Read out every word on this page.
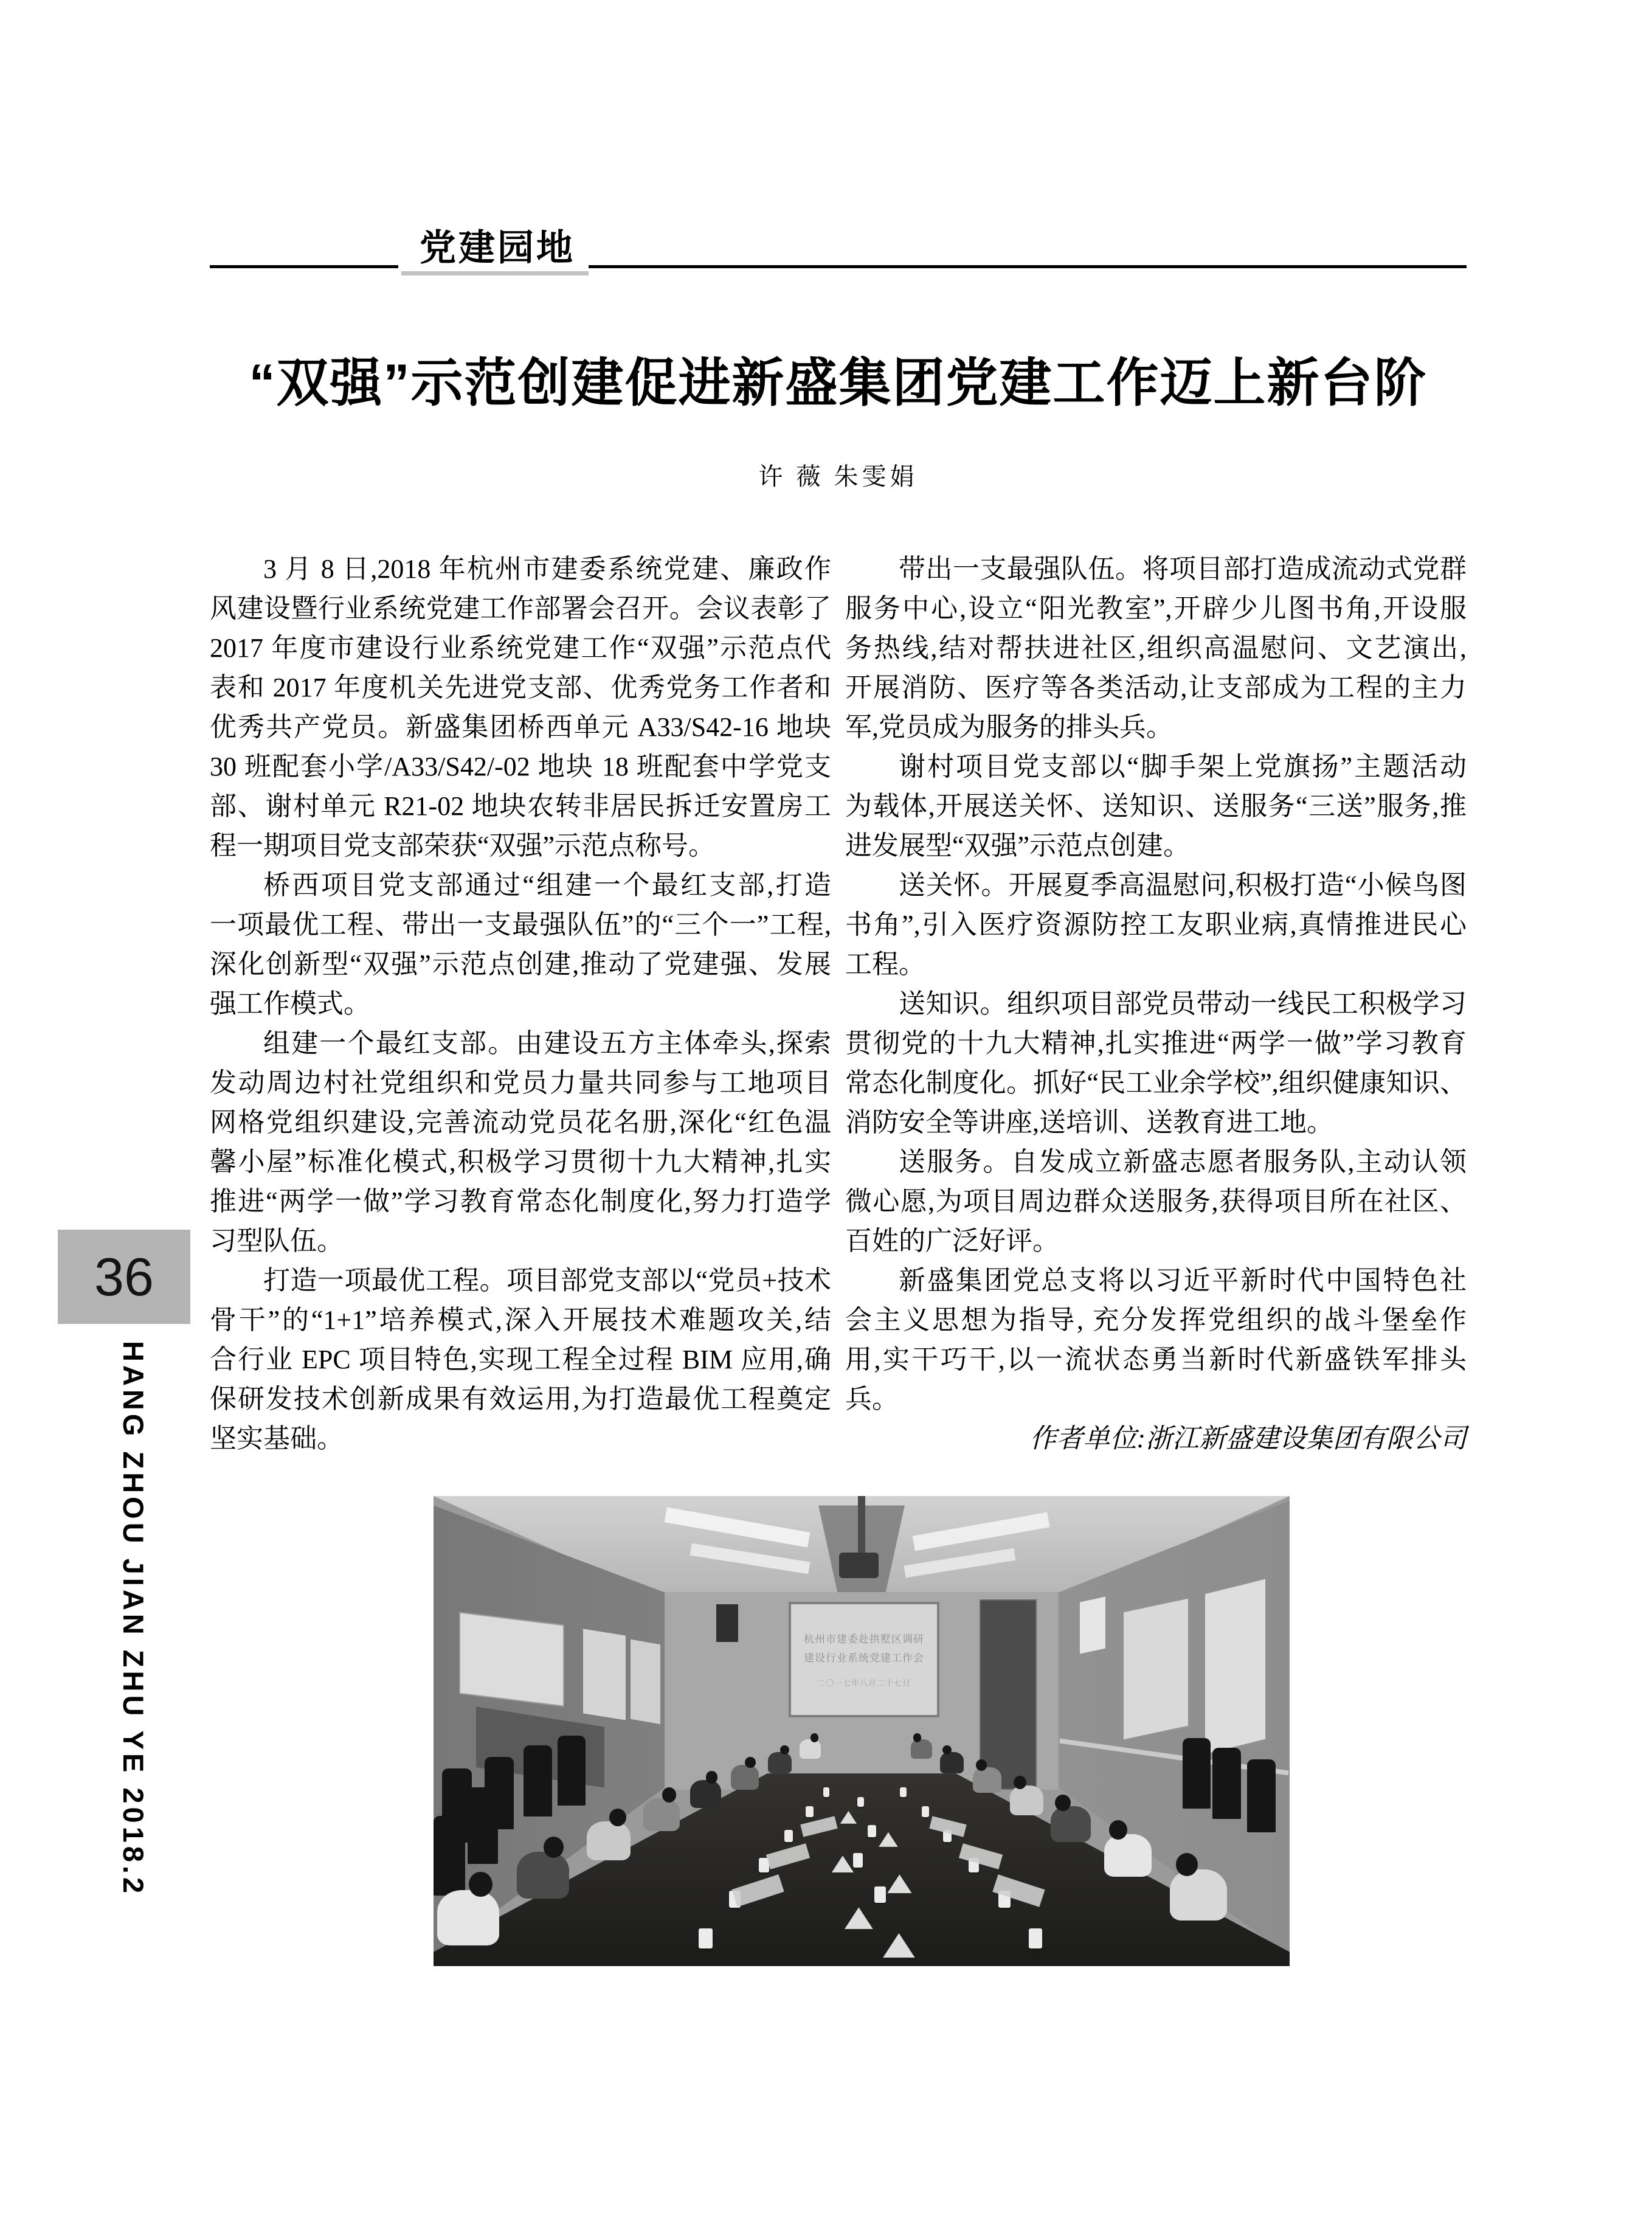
党建园地
“双强”示范创建促进新盛集团党建工作迈上新台阶
许 薇 朱雯娟
3 月 8 日,2018 年杭州市建委系统党建、廉政作
风建设暨行业系统党建工作部署会召开。会议表彰了
2017 年度市建设行业系统党建工作“双强”示范点代
表和 2017 年度机关先进党支部、优秀党务工作者和
优秀共产党员。新盛集团桥西单元 A33/S42-16 地块
30 班配套小学/A33/S42/-02 地块 18 班配套中学党支
部、谢村单元 R21-02 地块农转非居民拆迁安置房工
程一期项目党支部荣获“双强”示范点称号。
桥西项目党支部通过“组建一个最红支部,打造
一项最优工程、带出一支最强队伍”的“三个一”工程,
深化创新型“双强”示范点创建,推动了党建强、发展
强工作模式。
组建一个最红支部。由建设五方主体牵头,探索
发动周边村社党组织和党员力量共同参与工地项目
网格党组织建设,完善流动党员花名册,深化“红色温
馨小屋”标准化模式,积极学习贯彻十九大精神,扎实
推进“两学一做”学习教育常态化制度化,努力打造学
习型队伍。
打造一项最优工程。项目部党支部以“党员+技术
骨干”的“1+1”培养模式,深入开展技术难题攻关,结
合行业 EPC 项目特色,实现工程全过程 BIM 应用,确
保研发技术创新成果有效运用,为打造最优工程奠定
坚实基础。
带出一支最强队伍。将项目部打造成流动式党群
服务中心,设立“阳光教室”,开辟少儿图书角,开设服
务热线,结对帮扶进社区,组织高温慰问、文艺演出,
开展消防、医疗等各类活动,让支部成为工程的主力
军,党员成为服务的排头兵。
谢村项目党支部以“脚手架上党旗扬”主题活动
为载体,开展送关怀、送知识、送服务“三送”服务,推
进发展型“双强”示范点创建。
送关怀。开展夏季高温慰问,积极打造“小候鸟图
书角”,引入医疗资源防控工友职业病,真情推进民心
工程。
送知识。组织项目部党员带动一线民工积极学习
贯彻党的十九大精神,扎实推进“两学一做”学习教育
常态化制度化。抓好“民工业余学校”,组织健康知识、
消防安全等讲座,送培训、送教育进工地。
送服务。自发成立新盛志愿者服务队,主动认领
微心愿,为项目周边群众送服务,获得项目所在社区、
百姓的广泛好评。
新盛集团党总支将以习近平新时代中国特色社
会主义思想为指导, 充分发挥党组织的战斗堡垒作
用,实干巧干,以一流状态勇当新时代新盛铁军排头
兵。
作者单位:浙江新盛建设集团有限公司
36
HANG ZHOU JIAN ZHU YE 2018.2	杭州市建委赴拱墅区调研
建设行业系统党建工作会
二〇一七年八月二十七日
